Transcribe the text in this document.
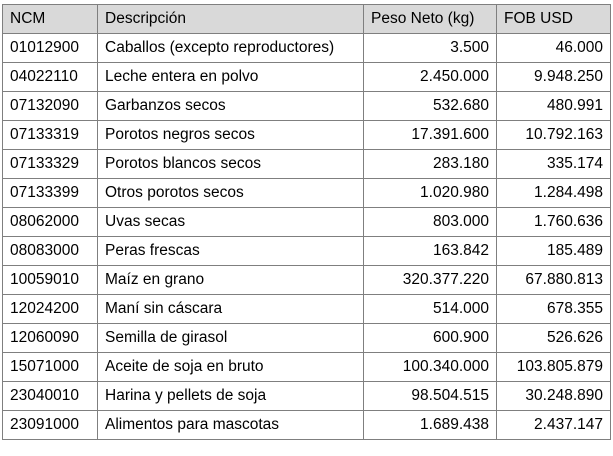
NCM	Descripción	Peso Neto (kg)	FOB USD
01012900	Caballos (excepto reproductores)	3.500	46.000
04022110	Leche entera en polvo	2.450.000	9.948.250
07132090	Garbanzos secos	532.680	480.991
07133319	Porotos negros secos	17.391.600	10.792.163
07133329	Porotos blancos secos	283.180	335.174
07133399	Otros porotos secos	1.020.980	1.284.498
08062000	Uvas secas	803.000	1.760.636
08083000	Peras frescas	163.842	185.489
10059010	Maíz en grano	320.377.220	67.880.813
12024200	Maní sin cáscara	514.000	678.355
12060090	Semilla de girasol	600.900	526.626
15071000	Aceite de soja en bruto	100.340.000	103.805.879
23040010	Harina y pellets de soja	98.504.515	30.248.890
23091000	Alimentos para mascotas	1.689.438	2.437.147
